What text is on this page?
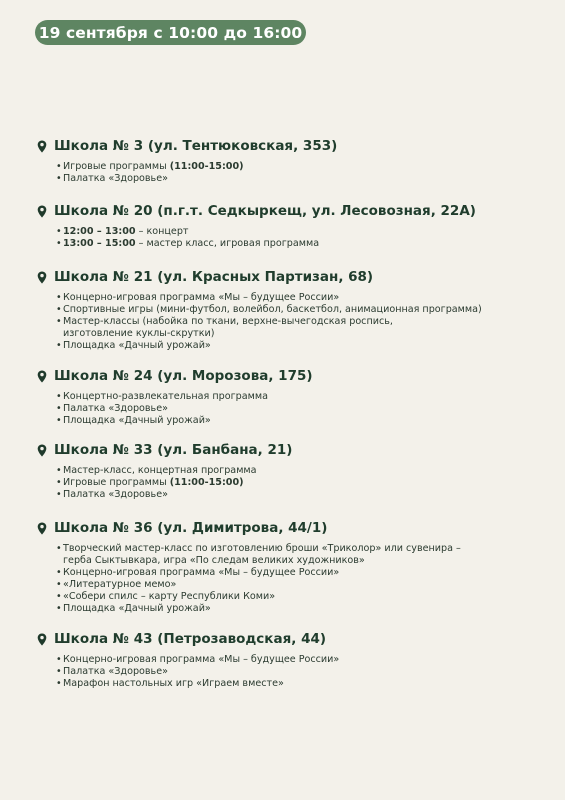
19 сентября с 10:00 до 16:00
Школа № 3 (ул. Тентюковская, 353)
• Игровые программы (11:00-15:00)
• Палатка «Здоровье»
Школа № 20 (п.г.т. Седкыркещ, ул. Лесовозная, 22А)
• 12:00 – 13:00 – концерт
• 13:00 – 15:00 – мастер класс, игровая программа
Школа № 21 (ул. Красных Партизан, 68)
• Концерно-игровая программа «Мы – будущее России»
• Спортивные игры (мини-футбол, волейбол, баскетбол, анимационная программа)
• Мастер-классы (набойка по ткани, верхне-вычегодская роспись, изготовление куклы-скрутки)
• Площадка «Дачный урожай»
Школа № 24 (ул. Морозова, 175)
• Концертно-развлекательная программа
• Палатка «Здоровье»
• Площадка «Дачный урожай»
Школа № 33 (ул. Банбана, 21)
• Мастер-класс, концертная программа
• Игровые программы (11:00-15:00)
• Палатка «Здоровье»
Школа № 36 (ул. Димитрова, 44/1)
• Творческий мастер-класс по изготовлению броши «Триколор» или сувенира – герба Сыктывкара, игра «По следам великих художников»
• Концерно-игровая программа «Мы – будущее России»
• «Литературное мемо»
• «Собери спилс – карту Республики Коми»
• Площадка «Дачный урожай»
Школа № 43 (Петрозаводская, 44)
• Концерно-игровая программа «Мы – будущее России»
• Палатка «Здоровье»
• Марафон настольных игр «Играем вместе»
